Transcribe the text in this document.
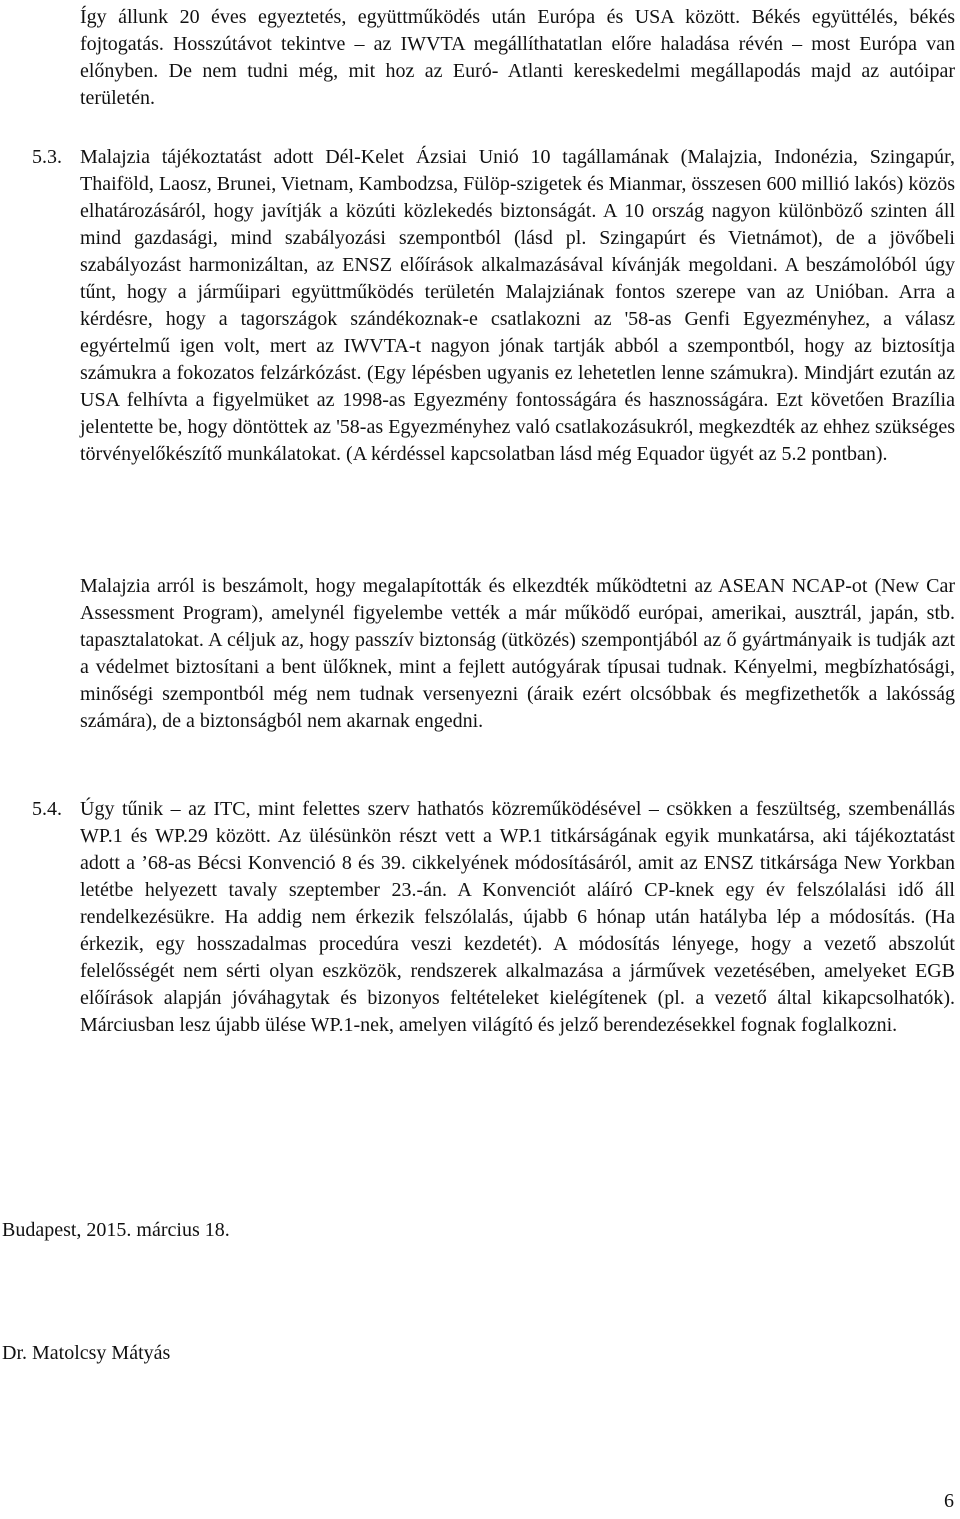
Így állunk 20 éves egyeztetés, együttműködés után Európa és USA között. Békés együttélés, békés fojtogatás. Hosszútávot tekintve – az IWVTA megállíthatatlan előre haladása révén – most Európa van előnyben. De nem tudni még, mit hoz az Euró- Atlanti kereskedelmi megállapodás majd az autóipar területén.

5.3. Malajzia tájékoztatást adott Dél-Kelet Ázsiai Unió 10 tagállamának (Malajzia, Indonézia, Szingapúr, Thaiföld, Laosz, Brunei, Vietnam, Kambodzsa, Fülöp-szigetek és Mianmar, összesen 600 millió lakós) közös elhatározásáról, hogy javítják a közúti közlekedés biztonságát. A 10 ország nagyon különböző szinten áll mind gazdasági, mind szabályozási szempontból (lásd pl. Szingapúrt és Vietnámot), de a jövőbeli szabályozást harmonizáltan, az ENSZ előírások alkalmazásával kívánják megoldani. A beszámolóból úgy tűnt, hogy a járműipari együttműködés területén Malajziának fontos szerepe van az Unióban. Arra a kérdésre, hogy a tagországok szándékoznak-e csatlakozni az '58-as Genfi Egyezményhez, a válasz egyértelmű igen volt, mert az IWVTA-t nagyon jónak tartják abból a szempontból, hogy az biztosítja számukra a fokozatos felzárkózást. (Egy lépésben ugyanis ez lehetetlen lenne számukra). Mindjárt ezután az USA felhívta a figyelmüket az 1998-as Egyezmény fontosságára és hasznosságára. Ezt követően Brazília jelentette be, hogy döntöttek az '58-as Egyezményhez való csatlakozásukról, megkezdték az ehhez szükséges törvényelőkészítő munkálatokat. (A kérdéssel kapcsolatban lásd még Equador ügyét az 5.2 pontban).

Malajzia arról is beszámolt, hogy megalapították és elkezdték működtetni az ASEAN NCAP-ot (New Car Assessment Program), amelynél figyelembe vették a már működő európai, amerikai, ausztrál, japán, stb. tapasztalatokat. A céljuk az, hogy passzív biztonság (ütközés) szempontjából az ő gyártmányaik is tudják azt a védelmet biztosítani a bent ülőknek, mint a fejlett autógyárak típusai tudnak. Kényelmi, megbízhatósági, minőségi szempontból még nem tudnak versenyezni (áraik ezért olcsóbbak és megfizethetők a lakósság számára), de a biztonságból nem akarnak engedni.

5.4. Úgy tűnik – az ITC, mint felettes szerv hathatós közreműködésével – csökken a feszültség, szembenállás WP.1 és WP.29 között. Az ülésünkön részt vett a WP.1 titkárságának egyik munkatársa, aki tájékoztatást adott a ’68-as Bécsi Konvenció 8 és 39. cikkelyének módosításáról, amit az ENSZ titkársága New Yorkban letétbe helyezett tavaly szeptember 23.-án. A Konvenciót aláíró CP-knek egy év felszólalási idő áll rendelkezésükre. Ha addig nem érkezik felszólalás, újabb 6 hónap után hatályba lép a módosítás. (Ha érkezik, egy hosszadalmas procedúra veszi kezdetét). A módosítás lényege, hogy a vezető abszolút felelősségét nem sérti olyan eszközök, rendszerek alkalmazása a járművek vezetésében, amelyeket EGB előírások alapján jóváhagytak és bizonyos feltételeket kielégítenek (pl. a vezető által kikapcsolhatók). Márciusban lesz újabb ülése WP.1-nek, amelyen világító és jelző berendezésekkel fognak foglalkozni.

Budapest, 2015. március 18.

Dr. Matolcsy Mátyás

6
